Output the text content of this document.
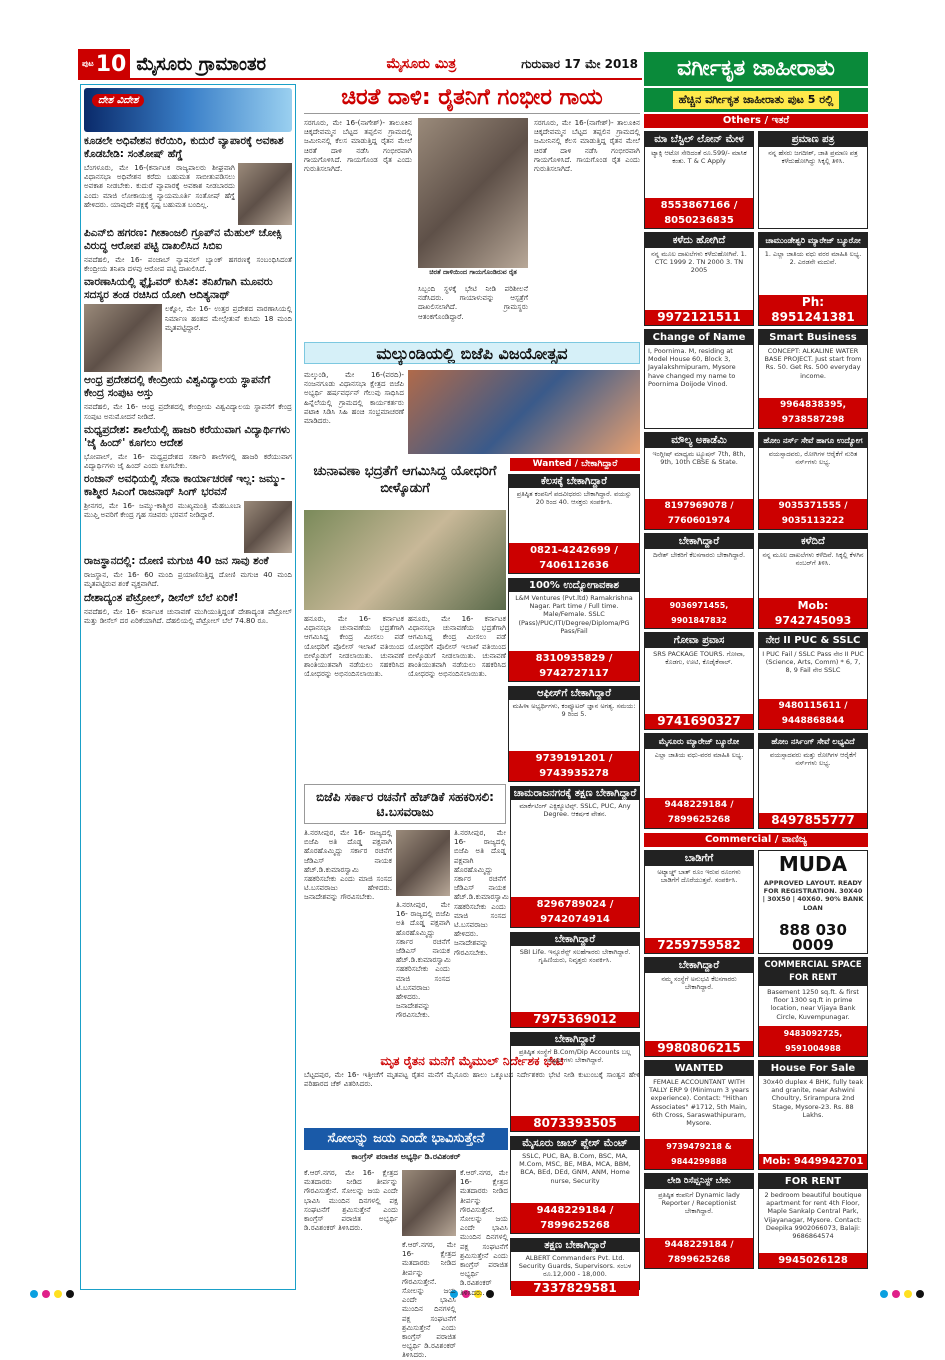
ಪುಟ 10 ಮೈಸೂರು ಗ್ರಾಮಾಂತರ	ಮೈಸೂರು ಮಿತ್ರ	ಗುರುವಾರ 17 ಮೇ 2018
ದೇಶ ವಿದೇಶ
ಕೂಡಲೇ ಅಧಿವೇಶನ ಕರೆಯಿರಿ, ಕುದುರೆ ವ್ಯಾಪಾರಕ್ಕೆ ಅವಕಾಶ ಕೊಡಬೇಡಿ: ಸಂತೋಷ್ ಹೆಗ್ಡೆ

ಬೆಂಗಳೂರು, ಮೇ 16-(ಕರ್ನಾಟಕ ರಾಜ್ಯಪಾಲರು ಶೀಘ್ರವಾಗಿ ವಿಧಾನಸಭಾ ಅಧಿವೇಶನ ಕರೆದು ಬಹುಮತ ಸಾಬೀತುಪಡಿಸಲು ಅವಕಾಶ ನೀಡಬೇಕು. ಕುದುರೆ ವ್ಯಾಪಾರಕ್ಕೆ ಅವಕಾಶ ನೀಡಬಾರದು ಎಂದು ಮಾಜಿ ಲೋಕಾಯುಕ್ತ ನ್ಯಾಯಮೂರ್ತಿ ಸಂತೋಷ್ ಹೆಗ್ಡೆ ಹೇಳಿದರು. ಯಾವುದೇ ಪಕ್ಷಕ್ಕೆ ಸ್ಪಷ್ಟ ಬಹುಮತ ಬಂದಿಲ್ಲ.

ಪಿಎನ್‌ಬಿ ಹಗರಣ: ಗೀತಾಂಜಲಿ ಗ್ರೂಪ್‌ನ ಮೆಹುಲ್ ಚೋಕ್ಸಿ ವಿರುದ್ಧ ಆರೋಪ ಪಟ್ಟಿ ದಾಖಲಿಸಿದ ಸಿಬಿಐ

ನವದೆಹಲಿ, ಮೇ 16- ಪಂಜಾಬ್ ನ್ಯಾಷನಲ್ ಬ್ಯಾಂಕ್ ಹಗರಣಕ್ಕೆ ಸಂಬಂಧಿಸಿದಂತೆ ಕೇಂದ್ರೀಯ ತನಿಖಾ ದಳವು ಆರೋಪ ಪಟ್ಟಿ ದಾಖಲಿಸಿದೆ.

ವಾರಣಾಸಿಯಲ್ಲಿ ಫ್ಲೈಓವರ್ ಕುಸಿತ: ತನಿಖೆಗಾಗಿ ಮೂವರು ಸದಸ್ಯರ ತಂಡ ರಚಿಸಿದ ಯೋಗಿ ಆದಿತ್ಯನಾಥ್

ಲಕ್ನೋ, ಮೇ 16- ಉತ್ತರ ಪ್ರದೇಶದ ವಾರಣಾಸಿಯಲ್ಲಿ ನಿರ್ಮಾಣ ಹಂತದ ಮೇಲ್ಸೇತುವೆ ಕುಸಿದು 18 ಮಂದಿ ಮೃತಪಟ್ಟಿದ್ದಾರೆ.

ಆಂಧ್ರ ಪ್ರದೇಶದಲ್ಲಿ ಕೇಂದ್ರೀಯ ವಿಶ್ವವಿದ್ಯಾಲಯ ಸ್ಥಾಪನೆಗೆ ಕೇಂದ್ರ ಸಂಪುಟ ಅಸ್ತು

ನವದೆಹಲಿ, ಮೇ 16- ಆಂಧ್ರ ಪ್ರದೇಶದಲ್ಲಿ ಕೇಂದ್ರೀಯ ವಿಶ್ವವಿದ್ಯಾಲಯ ಸ್ಥಾಪನೆಗೆ ಕೇಂದ್ರ ಸಂಪುಟ ಅನುಮೋದನೆ ನೀಡಿದೆ.

ಮಧ್ಯಪ್ರದೇಶ: ಶಾಲೆಯಲ್ಲಿ ಹಾಜರಿ ಕರೆಯುವಾಗ ವಿದ್ಯಾರ್ಥಿಗಳು 'ಜೈ ಹಿಂದ್' ಕೂಗಲು ಆದೇಶ

ಭೋಪಾಲ್, ಮೇ 16- ಮಧ್ಯಪ್ರದೇಶದ ಸರ್ಕಾರಿ ಶಾಲೆಗಳಲ್ಲಿ ಹಾಜರಿ ಕರೆಯುವಾಗ ವಿದ್ಯಾರ್ಥಿಗಳು ಜೈ ಹಿಂದ್ ಎಂದು ಕೂಗಬೇಕು.

ರಂಜಾನ್ ಅವಧಿಯಲ್ಲಿ ಸೇನಾ ಕಾರ್ಯಾಚರಣೆ ಇಲ್ಲ: ಜಮ್ಮು-ಕಾಶ್ಮೀರ ಸಿಎಂಗೆ ರಾಜನಾಥ್ ಸಿಂಗ್ ಭರವಸೆ

ಶ್ರೀನಗರ, ಮೇ 16- ಜಮ್ಮು-ಕಾಶ್ಮೀರ ಮುಖ್ಯಮಂತ್ರಿ ಮೆಹಬೂಬಾ ಮುಫ್ತಿ ಅವರಿಗೆ ಕೇಂದ್ರ ಗೃಹ ಸಚಿವರು ಭರವಸೆ ನೀಡಿದ್ದಾರೆ.

ರಾಜಸ್ಥಾನದಲ್ಲಿ: ದೋಣಿ ಮಗುಚಿ 40 ಜನ ಸಾವು ಶಂಕೆ

ರಾಜಸ್ಥಾನ, ಮೇ 16- 60 ಮಂದಿ ಪ್ರಯಾಣಿಸುತ್ತಿದ್ದ ದೋಣಿ ಮಗುಚಿ 40 ಮಂದಿ ಮೃತಪಟ್ಟಿರುವ ಶಂಕೆ ವ್ಯಕ್ತವಾಗಿದೆ.

ದೇಶಾದ್ಯಂತ ಪೆಟ್ರೋಲ್, ಡೀಸೆಲ್ ಬೆಲೆ ಏರಿಕೆ!

ನವದೆಹಲಿ, ಮೇ 16- ಕರ್ನಾಟಕ ಚುನಾವಣೆ ಮುಗಿಯುತ್ತಿದ್ದಂತೆ ದೇಶಾದ್ಯಂತ ಪೆಟ್ರೋಲ್ ಮತ್ತು ಡೀಸೆಲ್ ದರ ಏರಿಕೆಯಾಗಿದೆ. ದೆಹಲಿಯಲ್ಲಿ ಪೆಟ್ರೋಲ್ ಬೆಲೆ 74.80 ರೂ.

ಚಿರತೆ ದಾಳಿ: ರೈತನಿಗೆ ಗಂಭೀರ ಗಾಯ
ಸರಗೂರು, ಮೇ 16-(ನಾಗೇಶ್)- ತಾಲೂಕಿನ ಚಿಕ್ಕದೇವಮ್ಮನ ಬೆಟ್ಟದ ತಪ್ಪಲಿನ ಗ್ರಾಮದಲ್ಲಿ ಜಮೀನಿನಲ್ಲಿ ಕೆಲಸ ಮಾಡುತ್ತಿದ್ದ ರೈತನ ಮೇಲೆ ಚಿರತೆ ದಾಳಿ ನಡೆಸಿ ಗಂಭೀರವಾಗಿ ಗಾಯಗೊಳಿಸಿದೆ. ಗಾಯಗೊಂಡ ರೈತ ಎಂದು ಗುರುತಿಸಲಾಗಿದೆ.
ಚಿರತೆ ದಾಳಿಯಿಂದ ಗಾಯಗೊಂಡಿರುವ ರೈತ
ಸಿಬ್ಬಂದಿ ಸ್ಥಳಕ್ಕೆ ಭೇಟಿ ನೀಡಿ ಪರಿಶೀಲನೆ ನಡೆಸಿದರು. ಗಾಯಾಳುವನ್ನು ಆಸ್ಪತ್ರೆಗೆ ದಾಖಲಿಸಲಾಗಿದೆ. ಗ್ರಾಮಸ್ಥರು ಆತಂಕಗೊಂಡಿದ್ದಾರೆ.
ಸರಗೂರು, ಮೇ 16-(ನಾಗೇಶ್)- ತಾಲೂಕಿನ ಚಿಕ್ಕದೇವಮ್ಮನ ಬೆಟ್ಟದ ತಪ್ಪಲಿನ ಗ್ರಾಮದಲ್ಲಿ ಜಮೀನಿನಲ್ಲಿ ಕೆಲಸ ಮಾಡುತ್ತಿದ್ದ ರೈತನ ಮೇಲೆ ಚಿರತೆ ದಾಳಿ ನಡೆಸಿ ಗಂಭೀರವಾಗಿ ಗಾಯಗೊಳಿಸಿದೆ. ಗಾಯಗೊಂಡ ರೈತ ಎಂದು ಗುರುತಿಸಲಾಗಿದೆ.
ಮಲ್ಕುಂಡಿಯಲ್ಲಿ ಬಿಜೆಪಿ ವಿಜಯೋತ್ಸವ
ಮಲ್ಕುಂಡಿ, ಮೇ 16-(ವರದಿ)- ನಂಜನಗೂಡು ವಿಧಾನಸಭಾ ಕ್ಷೇತ್ರದ ಬಿಜೆಪಿ ಅಭ್ಯರ್ಥಿ ಹರ್ಷವರ್ಧನ್ ಗೆಲುವು ಸಾಧಿಸಿದ ಹಿನ್ನೆಲೆಯಲ್ಲಿ ಗ್ರಾಮದಲ್ಲಿ ಕಾರ್ಯಕರ್ತರು ಪಟಾಕಿ ಸಿಡಿಸಿ ಸಿಹಿ ಹಂಚಿ ಸಂಭ್ರಮಾಚರಣೆ ಮಾಡಿದರು.
ಚುನಾವಣಾ ಭದ್ರತೆಗೆ ಆಗಮಿಸಿದ್ದ ಯೋಧರಿಗೆ ಬೀಳ್ಕೊಡುಗೆ
ಹನೂರು, ಮೇ 16- ಕರ್ನಾಟಕ ವಿಧಾನಸಭಾ ಚುನಾವಣೆಯ ಭದ್ರತೆಗಾಗಿ ಆಗಮಿಸಿದ್ದ ಕೇಂದ್ರ ಮೀಸಲು ಪಡೆ ಯೋಧರಿಗೆ ಪೊಲೀಸ್ ಇಲಾಖೆ ವತಿಯಿಂದ ಬೀಳ್ಕೊಡುಗೆ ನೀಡಲಾಯಿತು. ಚುನಾವಣೆ ಶಾಂತಿಯುತವಾಗಿ ನಡೆಯಲು ಸಹಕರಿಸಿದ ಯೋಧರನ್ನು ಅಭಿನಂದಿಸಲಾಯಿತು.
ಹನೂರು, ಮೇ 16- ಕರ್ನಾಟಕ ವಿಧಾನಸಭಾ ಚುನಾವಣೆಯ ಭದ್ರತೆಗಾಗಿ ಆಗಮಿಸಿದ್ದ ಕೇಂದ್ರ ಮೀಸಲು ಪಡೆ ಯೋಧರಿಗೆ ಪೊಲೀಸ್ ಇಲಾಖೆ ವತಿಯಿಂದ ಬೀಳ್ಕೊಡುಗೆ ನೀಡಲಾಯಿತು. ಚುನಾವಣೆ ಶಾಂತಿಯುತವಾಗಿ ನಡೆಯಲು ಸಹಕರಿಸಿದ ಯೋಧರನ್ನು ಅಭಿನಂದಿಸಲಾಯಿತು.
ಬಿಜೆಪಿ ಸರ್ಕಾರ ರಚನೆಗೆ ಹೆಚ್‌ಡಿಕೆ ಸಹಕರಿಸಲಿ: ಟಿ.ಬಸವರಾಜು
ತಿ.ನರಸೀಪುರ, ಮೇ 16- ರಾಜ್ಯದಲ್ಲಿ ಬಿಜೆಪಿ ಅತಿ ದೊಡ್ಡ ಪಕ್ಷವಾಗಿ ಹೊರಹೊಮ್ಮಿದ್ದು ಸರ್ಕಾರ ರಚನೆಗೆ ಜೆಡಿಎಸ್ ನಾಯಕ ಹೆಚ್.ಡಿ.ಕುಮಾರಸ್ವಾಮಿ ಸಹಕರಿಸಬೇಕು ಎಂದು ಮಾಜಿ ಸಂಸದ ಟಿ.ಬಸವರಾಜು ಹೇಳಿದರು. ಜನಾದೇಶವನ್ನು ಗೌರವಿಸಬೇಕು.
ತಿ.ನರಸೀಪುರ, ಮೇ 16- ರಾಜ್ಯದಲ್ಲಿ ಬಿಜೆಪಿ ಅತಿ ದೊಡ್ಡ ಪಕ್ಷವಾಗಿ ಹೊರಹೊಮ್ಮಿದ್ದು ಸರ್ಕಾರ ರಚನೆಗೆ ಜೆಡಿಎಸ್ ನಾಯಕ ಹೆಚ್.ಡಿ.ಕುಮಾರಸ್ವಾಮಿ ಸಹಕರಿಸಬೇಕು ಎಂದು ಮಾಜಿ ಸಂಸದ ಟಿ.ಬಸವರಾಜು ಹೇಳಿದರು. ಜನಾದೇಶವನ್ನು ಗೌರವಿಸಬೇಕು.
ತಿ.ನರಸೀಪುರ, ಮೇ 16- ರಾಜ್ಯದಲ್ಲಿ ಬಿಜೆಪಿ ಅತಿ ದೊಡ್ಡ ಪಕ್ಷವಾಗಿ ಹೊರಹೊಮ್ಮಿದ್ದು ಸರ್ಕಾರ ರಚನೆಗೆ ಜೆಡಿಎಸ್ ನಾಯಕ ಹೆಚ್.ಡಿ.ಕುಮಾರಸ್ವಾಮಿ ಸಹಕರಿಸಬೇಕು ಎಂದು ಮಾಜಿ ಸಂಸದ ಟಿ.ಬಸವರಾಜು ಹೇಳಿದರು. ಜನಾದೇಶವನ್ನು ಗೌರವಿಸಬೇಕು.
ಮೃತ ರೈತನ ಮನೆಗೆ ಮೈಮುಲ್ ನಿರ್ದೇಶಕ ಭೇಟಿ

ಬೆಟ್ಟದಪುರ, ಮೇ 16- ಇತ್ತೀಚೆಗೆ ಮೃತಪಟ್ಟ ರೈತನ ಮನೆಗೆ ಮೈಸೂರು ಹಾಲು ಒಕ್ಕೂಟದ ನಿರ್ದೇಶಕರು ಭೇಟಿ ನೀಡಿ ಕುಟುಂಬಕ್ಕೆ ಸಾಂತ್ವನ ಹೇಳಿ ಪರಿಹಾರದ ಚೆಕ್ ವಿತರಿಸಿದರು.

ಸೋಲನ್ನು ಜಯ ಎಂದೇ ಭಾವಿಸುತ್ತೇನೆ
ಕಾಂಗ್ರೆಸ್ ಪರಾಜಿತ ಅಭ್ಯರ್ಥಿ ಡಿ.ರವಿಶಂಕರ್
ಕೆ.ಆರ್.ನಗರ, ಮೇ 16- ಕ್ಷೇತ್ರದ ಮತದಾರರು ನೀಡಿದ ತೀರ್ಪನ್ನು ಗೌರವಿಸುತ್ತೇನೆ. ಸೋಲನ್ನು ಜಯ ಎಂದೇ ಭಾವಿಸಿ ಮುಂದಿನ ದಿನಗಳಲ್ಲಿ ಪಕ್ಷ ಸಂಘಟನೆಗೆ ಶ್ರಮಿಸುತ್ತೇನೆ ಎಂದು ಕಾಂಗ್ರೆಸ್ ಪರಾಜಿತ ಅಭ್ಯರ್ಥಿ ಡಿ.ರವಿಶಂಕರ್ ತಿಳಿಸಿದರು.
ಕೆ.ಆರ್.ನಗರ, ಮೇ 16- ಕ್ಷೇತ್ರದ ಮತದಾರರು ನೀಡಿದ ತೀರ್ಪನ್ನು ಗೌರವಿಸುತ್ತೇನೆ. ಸೋಲನ್ನು ಜಯ ಎಂದೇ ಭಾವಿಸಿ ಮುಂದಿನ ದಿನಗಳಲ್ಲಿ ಪಕ್ಷ ಸಂಘಟನೆಗೆ ಶ್ರಮಿಸುತ್ತೇನೆ ಎಂದು ಕಾಂಗ್ರೆಸ್ ಪರಾಜಿತ ಅಭ್ಯರ್ಥಿ ಡಿ.ರವಿಶಂಕರ್ ತಿಳಿಸಿದರು.
ಕೆ.ಆರ್.ನಗರ, ಮೇ 16- ಕ್ಷೇತ್ರದ ಮತದಾರರು ನೀಡಿದ ತೀರ್ಪನ್ನು ಗೌರವಿಸುತ್ತೇನೆ. ಸೋಲನ್ನು ಜಯ ಎಂದೇ ಭಾವಿಸಿ ಮುಂದಿನ ದಿನಗಳಲ್ಲಿ ಪಕ್ಷ ಸಂಘಟನೆಗೆ ಶ್ರಮಿಸುತ್ತೇನೆ ಎಂದು ಕಾಂಗ್ರೆಸ್ ಪರಾಜಿತ ಅಭ್ಯರ್ಥಿ ಡಿ.ರವಿಶಂಕರ್ ತಿಳಿಸಿದರು.
Wanted / ಬೇಕಾಗಿದ್ದಾರೆ
ಕೆಲಸಕ್ಕೆ ಬೇಕಾಗಿದ್ದಾರೆ
ಪ್ರತಿಷ್ಠಿತ ಕಂಪನಿಗೆ ಪದವೀಧರರು ಬೇಕಾಗಿದ್ದಾರೆ. ವಯಸ್ಸು 20 ರಿಂದ 40. ಆಸಕ್ತರು ಸಂಪರ್ಕಿಸಿ.
0821-4242699 / 7406112636
100% ಉದ್ಯೋಗಾವಕಾಶ
L&M Ventures (Pvt.ltd) Ramakrishna Nagar. Part time / Full time. Male/Female. SSLC (Pass)/PUC/ITI/Degree/Diploma/PG Pass/Fail
8310935829 / 9742727117
ಆಫೀಸ್‌ಗೆ ಬೇಕಾಗಿದ್ದಾರೆ
ಮಹಿಳಾ ಅಭ್ಯರ್ಥಿಗಳು, ಕಂಪ್ಯೂಟರ್ ಜ್ಞಾನ ಅಗತ್ಯ. ಸಮಯ: 9 ರಿಂದ 5.
9739191201 / 9743935278
ಚಾಮರಾಜನಗರಕ್ಕೆ ತಕ್ಷಣ ಬೇಕಾಗಿದ್ದಾರೆ
ಮಾರ್ಕೆಟಿಂಗ್ ಎಕ್ಸಿಕ್ಯೂಟಿವ್ಸ್. SSLC, PUC, Any Degree. ಆಕರ್ಷಕ ವೇತನ.
8296789024 / 9742074914
ಬೇಕಾಗಿದ್ದಾರೆ
SBI Life. ಇನ್ಸೂರೆನ್ಸ್ ಸಲಹೆಗಾರರು ಬೇಕಾಗಿದ್ದಾರೆ. ಗೃಹಿಣಿಯರು, ನಿವೃತ್ತರು ಸಂಪರ್ಕಿಸಿ.
7975369012
ಬೇಕಾಗಿದ್ದಾರೆ
ಪ್ರತಿಷ್ಠಿತ ಸಂಸ್ಥೆಗೆ B.Com/Dip Accounts ಬಲ್ಲ ಅಭ್ಯರ್ಥಿಗಳು ಬೇಕಾಗಿದ್ದಾರೆ.
8073393505
ಮೈಸೂರು ಜಾಬ್ ಪ್ಲೇಸ್ ಮೆಂಟ್
SSLC, PUC, BA, B.Com, BSC, MA, M.Com, MSC, BE, MBA, MCA, BBM, BCA, BEd, DEd, GNM, ANM, Home nurse, Security
9448229184 / 7899625268
ತಕ್ಷಣ ಬೇಕಾಗಿದ್ದಾರೆ
ALBERT Commanders Pvt. Ltd. Security Guards, Supervisors. ಸಂಬಳ ರೂ.12,000 - 18,000.
7337829581
ವರ್ಗೀಕೃತ ಜಾಹೀರಾತು
ಹೆಚ್ಚಿನ ವರ್ಗೀಕೃತ ಜಾಹೀರಾತು ಪುಟ 5 ರಲ್ಲಿ
Others / ಇತರೆ
ಮಾ ಬೆಸ್ಟಿಲ್ ಲೋನ್ ಮೇಳ
ಟ್ಯಾಕ್ಸಿ ಆಟೋ ಸೇರಿದಂತೆ ರೂ.599/- ಮಾಸಿಕ ಕಂತು. T & C Apply
8553867166 / 8050236835
ಪ್ರಮಾಣ ಪತ್ರ
ನನ್ನ ಹೆಸರು ಜಗದೀಶ್, ಜಾತಿ ಪ್ರಮಾಣ ಪತ್ರ ಕಳೆದುಹೋಗಿದ್ದು ಸಿಕ್ಕಲ್ಲಿ ತಿಳಿಸಿ.
ಕಳೆದು ಹೋಗಿದೆ
ನನ್ನ ಮೂಲ ದಾಖಲೆಗಳು ಕಳೆದುಹೋಗಿವೆ. 1. CTC 1999 2. TN 2000 3. TN 2005
9972121511
ಚಾಮುಂಡೇಶ್ವರಿ ಮ್ಯಾರೇಜ್ ಬ್ಯೂರೋ
1. ಎಲ್ಲಾ ಜಾತಿಯ ವಧು ವರರ ಮಾಹಿತಿ ಲಭ್ಯ. 2. ಎರಡನೇ ಮದುವೆ.
Ph: 8951241381
Change of Name
I, Poornima. M, residing at Model House 60, Block 3, Jayalakshmipuram, Mysore have changed my name to Poornima Doijode Vinod.
Smart Business
CONCEPT: ALKALINE WATER BASE PROJECT. Just start from Rs. 50. Get Rs. 500 everyday income.
9964838395, 9738587298
ಮೌಲ್ಯ ಅಕಾಡೆಮಿ
ಇಂಗ್ಲೀಷ್ ಮಾಧ್ಯಮ ಟ್ಯೂಷನ್ 7th, 8th, 9th, 10th CBSE & State.
8197969078 / 7760601974
ಹೋಂ ನರ್ಸ್ ಸೇವೆ ಹಾಗೂ ಉದ್ಯೋಗ
ವಯಸ್ಸಾದವರು, ರೋಗಿಗಳ ಆರೈಕೆಗೆ ನುರಿತ ನರ್ಸ್‌ಗಳು ಲಭ್ಯ.
9035371555 / 9035113222
ಬೇಕಾಗಿದ್ದಾರೆ
ದಿನೇಶ್ ಬೇಕರಿಗೆ ಕೆಲಸಗಾರರು ಬೇಕಾಗಿದ್ದಾರೆ.
9036971455, 9901847832
ಕಳೆದಿದೆ
ನನ್ನ ಮೂಲ ದಾಖಲೆಗಳು ಕಳೆದಿವೆ. ಸಿಕ್ಕಲ್ಲಿ ಕೆಳಗಿನ ನಂಬರ್‌ಗೆ ತಿಳಿಸಿ.
Mob: 9742745093
ಗೋವಾ ಪ್ರವಾಸ
SRS PACKAGE TOURS. ಗೋವಾ, ಕೊಡಗು, ಊಟಿ, ಕೊಡೈಕೆನಾಲ್.
9741690327
ನೇರ II PUC & SSLC
I PUC Fail / SSLC Pass ನೇರ II PUC (Science, Arts, Comm) * 6, 7, 8, 9 Fail ನೇರ SSLC
9480115611 / 9448868844
ಮೈಸೂರು ಮ್ಯಾರೇಜ್ ಬ್ಯೂರೋ
ಎಲ್ಲಾ ಜಾತಿಯ ವಧು-ವರರ ಮಾಹಿತಿ ಲಭ್ಯ.
9448229184 / 7899625268
ಹೋಂ ನರ್ಸಿಂಗ್ ಸೇವೆ ಲಭ್ಯವಿದೆ
ವಯಸ್ಸಾದವರು ಮತ್ತು ರೋಗಿಗಳ ಆರೈಕೆಗೆ ನರ್ಸ್‌ಗಳು ಲಭ್ಯ.
8497855777
Commercial / ವಾಣಿಜ್ಯ
ಬಾಡಿಗೆಗೆ
ಅಟ್ಯಾಚ್ಡ್ ಬಾತ್ ರೂಂ ಇರುವ ರೂಂಗಳು ಬಾಡಿಗೆಗೆ ದೊರೆಯುತ್ತವೆ. ಸಂಪರ್ಕಿಸಿ.
7259759582
MUDA
APPROVED LAYOUT. READY FOR REGISTRATION. 30X40 | 30X50 | 40X60. 90% BANK LOAN
888 030 0009
ಬೇಕಾಗಿದ್ದಾರೆ
ನಮ್ಮ ಸಂಸ್ಥೆಗೆ ಅನುಭವಿ ಕೆಲಸಗಾರರು ಬೇಕಾಗಿದ್ದಾರೆ.
9980806215
COMMERCIAL SPACE FOR RENT
Basement 1250 sq.ft. & first floor 1300 sq.ft in prime location, near Vijaya Bank Circle, Kuvempunagar.
9483092725, 9591004988
WANTED
FEMALE ACCOUNTANT WITH TALLY ERP 9 (Minimum 3 years experience). Contact: "Hithan Associates" #1712, 5th Main, 6th Cross, Saraswathipuram, Mysore.
9739479218 & 9844299888
House For Sale
30x40 duplex 4 BHK, fully teak and granite, near Ashwini Choultry, Srirampura 2nd Stage, Mysore-23. Rs. 88 Lakhs.
Mob: 9449942701
ಲೇಡಿ ರಿಸೆಪ್ಷನಿಸ್ಟ್ ಬೇಕು
ಪ್ರತಿಷ್ಠಿತ ಕಂಪನಿಗೆ Dynamic lady Reporter / Receptionist ಬೇಕಾಗಿದ್ದಾರೆ.
9448229184 / 7899625268
FOR RENT
2 bedroom beautiful boutique apartment for rent 4th Floor, Maple Sankalp Central Park, Vijayanagar, Mysore. Contact: Deepika 9902066073, Balaji: 9686864574
9945026128
